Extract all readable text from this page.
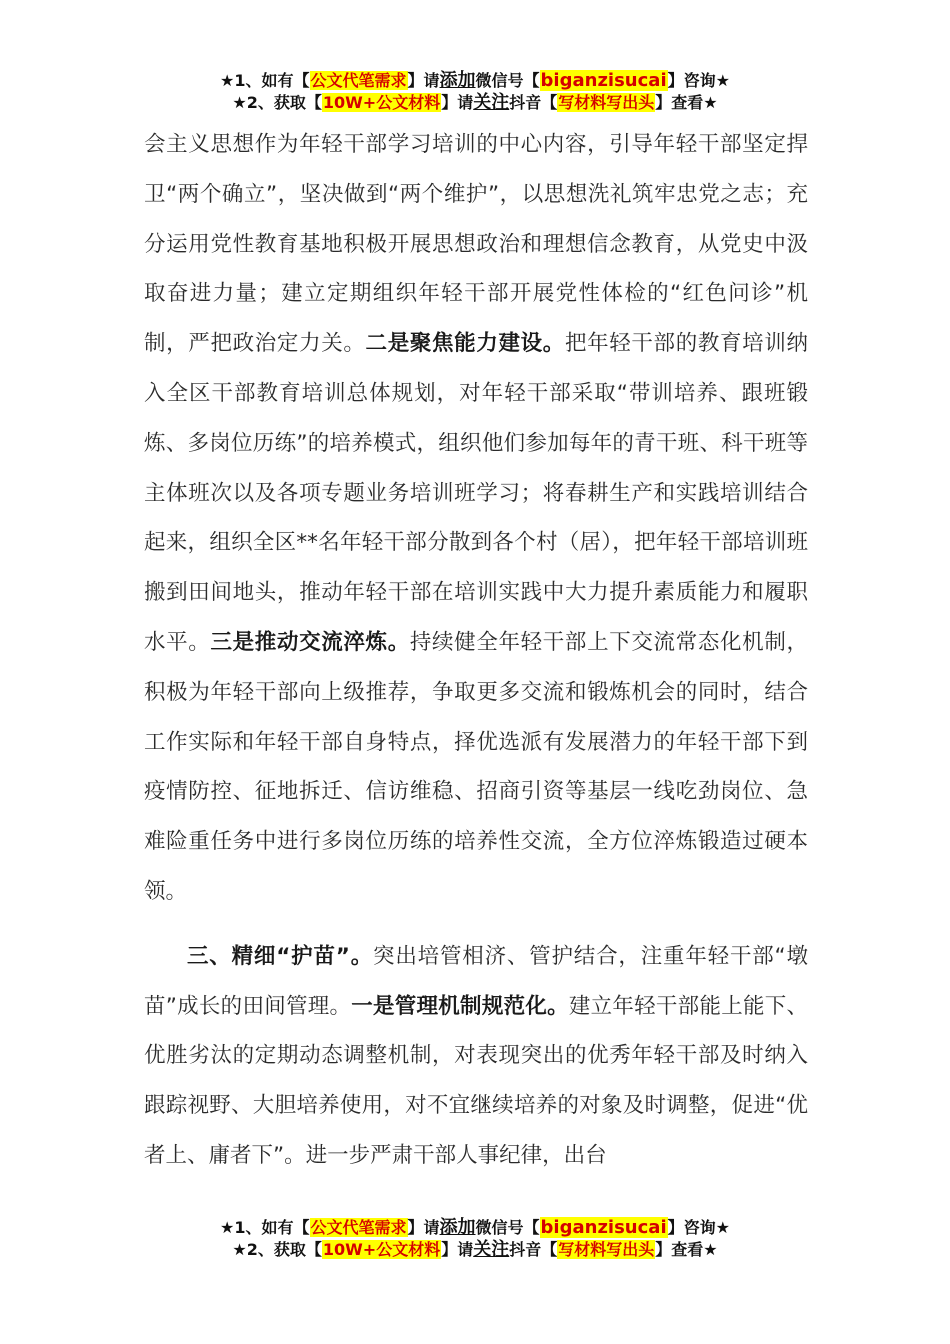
★1、如有【公文代笔需求】请添加微信号【biganzisucai】咨询★
★2、获取【10W+公文材料】请关注抖音【写材料写出头】查看★

会主义思想作为年轻干部学习培训的中心内容，引导年轻干部坚定捍卫“两个确立”，坚决做到“两个维护”，以思想洗礼筑牢忠党之志；充分运用党性教育基地积极开展思想政治和理想信念教育，从党史中汲取奋进力量；建立定期组织年轻干部开展党性体检的“红色问诊”机制，严把政治定力关。二是聚焦能力建设。把年轻干部的教育培训纳入全区干部教育培训总体规划，对年轻干部采取“带训培养、跟班锻炼、多岗位历练”的培养模式，组织他们参加每年的青干班、科干班等主体班次以及各项专题业务培训班学习；将春耕生产和实践培训结合起来，组织全区**名年轻干部分散到各个村（居），把年轻干部培训班搬到田间地头，推动年轻干部在培训实践中大力提升素质能力和履职水平。三是推动交流淬炼。持续健全年轻干部上下交流常态化机制，积极为年轻干部向上级推荐，争取更多交流和锻炼机会的同时，结合工作实际和年轻干部自身特点，择优选派有发展潜力的年轻干部下到疫情防控、征地拆迁、信访维稳、招商引资等基层一线吃劲岗位、急难险重任务中进行多岗位历练的培养性交流，全方位淬炼锻造过硬本领。

三、精细“护苗”。突出培管相济、管护结合，注重年轻干部“墩苗”成长的田间管理。一是管理机制规范化。建立年轻干部能上能下、优胜劣汰的定期动态调整机制，对表现突出的优秀年轻干部及时纳入跟踪视野、大胆培养使用，对不宜继续培养的对象及时调整，促进“优者上、庸者下”。进一步严肃干部人事纪律，出台

★1、如有【公文代笔需求】请添加微信号【biganzisucai】咨询★
★2、获取【10W+公文材料】请关注抖音【写材料写出头】查看★
